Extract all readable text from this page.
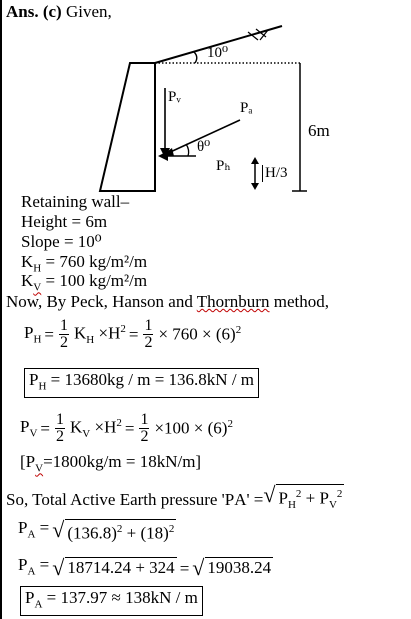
Ans. (c) Given,
10⁰
Pᵥ
Pₐ
θ⁰
Pₕ
6m
H/3
Retaining wall–
Height = 6m
Slope = 10⁰
$K_H = 760$ kg/m²/m
$K_V = 100$ kg/m²/m
Now, By Peck, Hanson and Thornburn method,
$P_H = \frac{1}{2} K_H \times H^2 = \frac{1}{2} \times 760 \times (6)^2$
$P_H = 13680kg / m = 136.8kN / m$
$P_V = \frac{1}{2} K_V \times H^2 = \frac{1}{2} \times 100 \times (6)^2$
$[P_V=1800kg/m = 18kN/m]$
So, Total Active Earth pressure 'P A ' = √ $P_H^2 + P_V^2$
$P_A$ = √ $(136.8)^2 + (18)^2$
$P_A$ = √ 18714.24 + 324 = √ 19038.24
$P_A = 137.97 \approx 138kN / m$
